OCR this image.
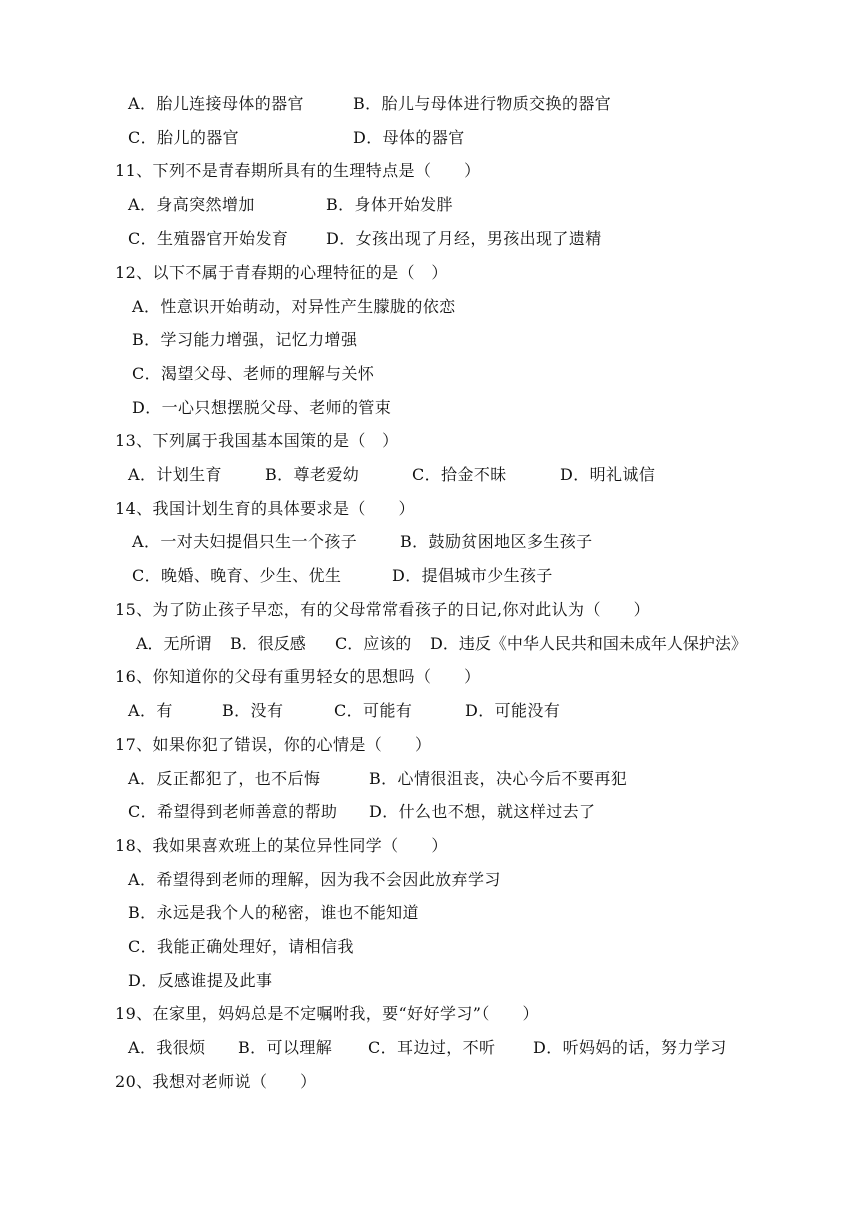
A．胎儿连接母体的器官	B．胎儿与母体进行物质交换的器官
C．胎儿的器官	D．母体的器官
11、下列不是青春期所具有的生理特点是（　　）
A．身高突然增加	B．身体开始发胖
C．生殖器官开始发育 D．女孩出现了月经，男孩出现了遗精
12、以下不属于青春期的心理特征的是（　）
A．性意识开始萌动，对异性产生朦胧的依恋
B．学习能力增强，记忆力增强
C．渴望父母、老师的理解与关怀
D．一心只想摆脱父母、老师的管束
13、下列属于我国基本国策的是（　）
A．计划生育	B．尊老爱幼	C．拾金不昧	D．明礼诚信
14、我国计划生育的具体要求是（　　）
A．一对夫妇提倡只生一个孩子	B．鼓励贫困地区多生孩子
C．晚婚、晚育、少生、优生	D．提倡城市少生孩子
15、为了防止孩子早恋，有的父母常常看孩子的日记,你对此认为（　　）
A．无所谓 B．很反感 C．应该的 D．违反《中华人民共和国未成年人保护法》
16、你知道你的父母有重男轻女的思想吗（　　）
A．有	B．没有	C．可能有	D．可能没有
17、如果你犯了错误，你的心情是（　　）
A．反正都犯了，也不后悔	B．心情很沮丧，决心今后不要再犯
C．希望得到老师善意的帮助 D．什么也不想，就这样过去了
18、我如果喜欢班上的某位异性同学（　　）
A．希望得到老师的理解，因为我不会因此放弃学习
B．永远是我个人的秘密，谁也不能知道
C．我能正确处理好，请相信我
D．反感谁提及此事
19、在家里，妈妈总是不定嘱咐我，要“好好学习”（　　）
A．我很烦 B．可以理解 C．耳边过，不听 D．听妈妈的话，努力学习
20、我想对老师说（　　）
